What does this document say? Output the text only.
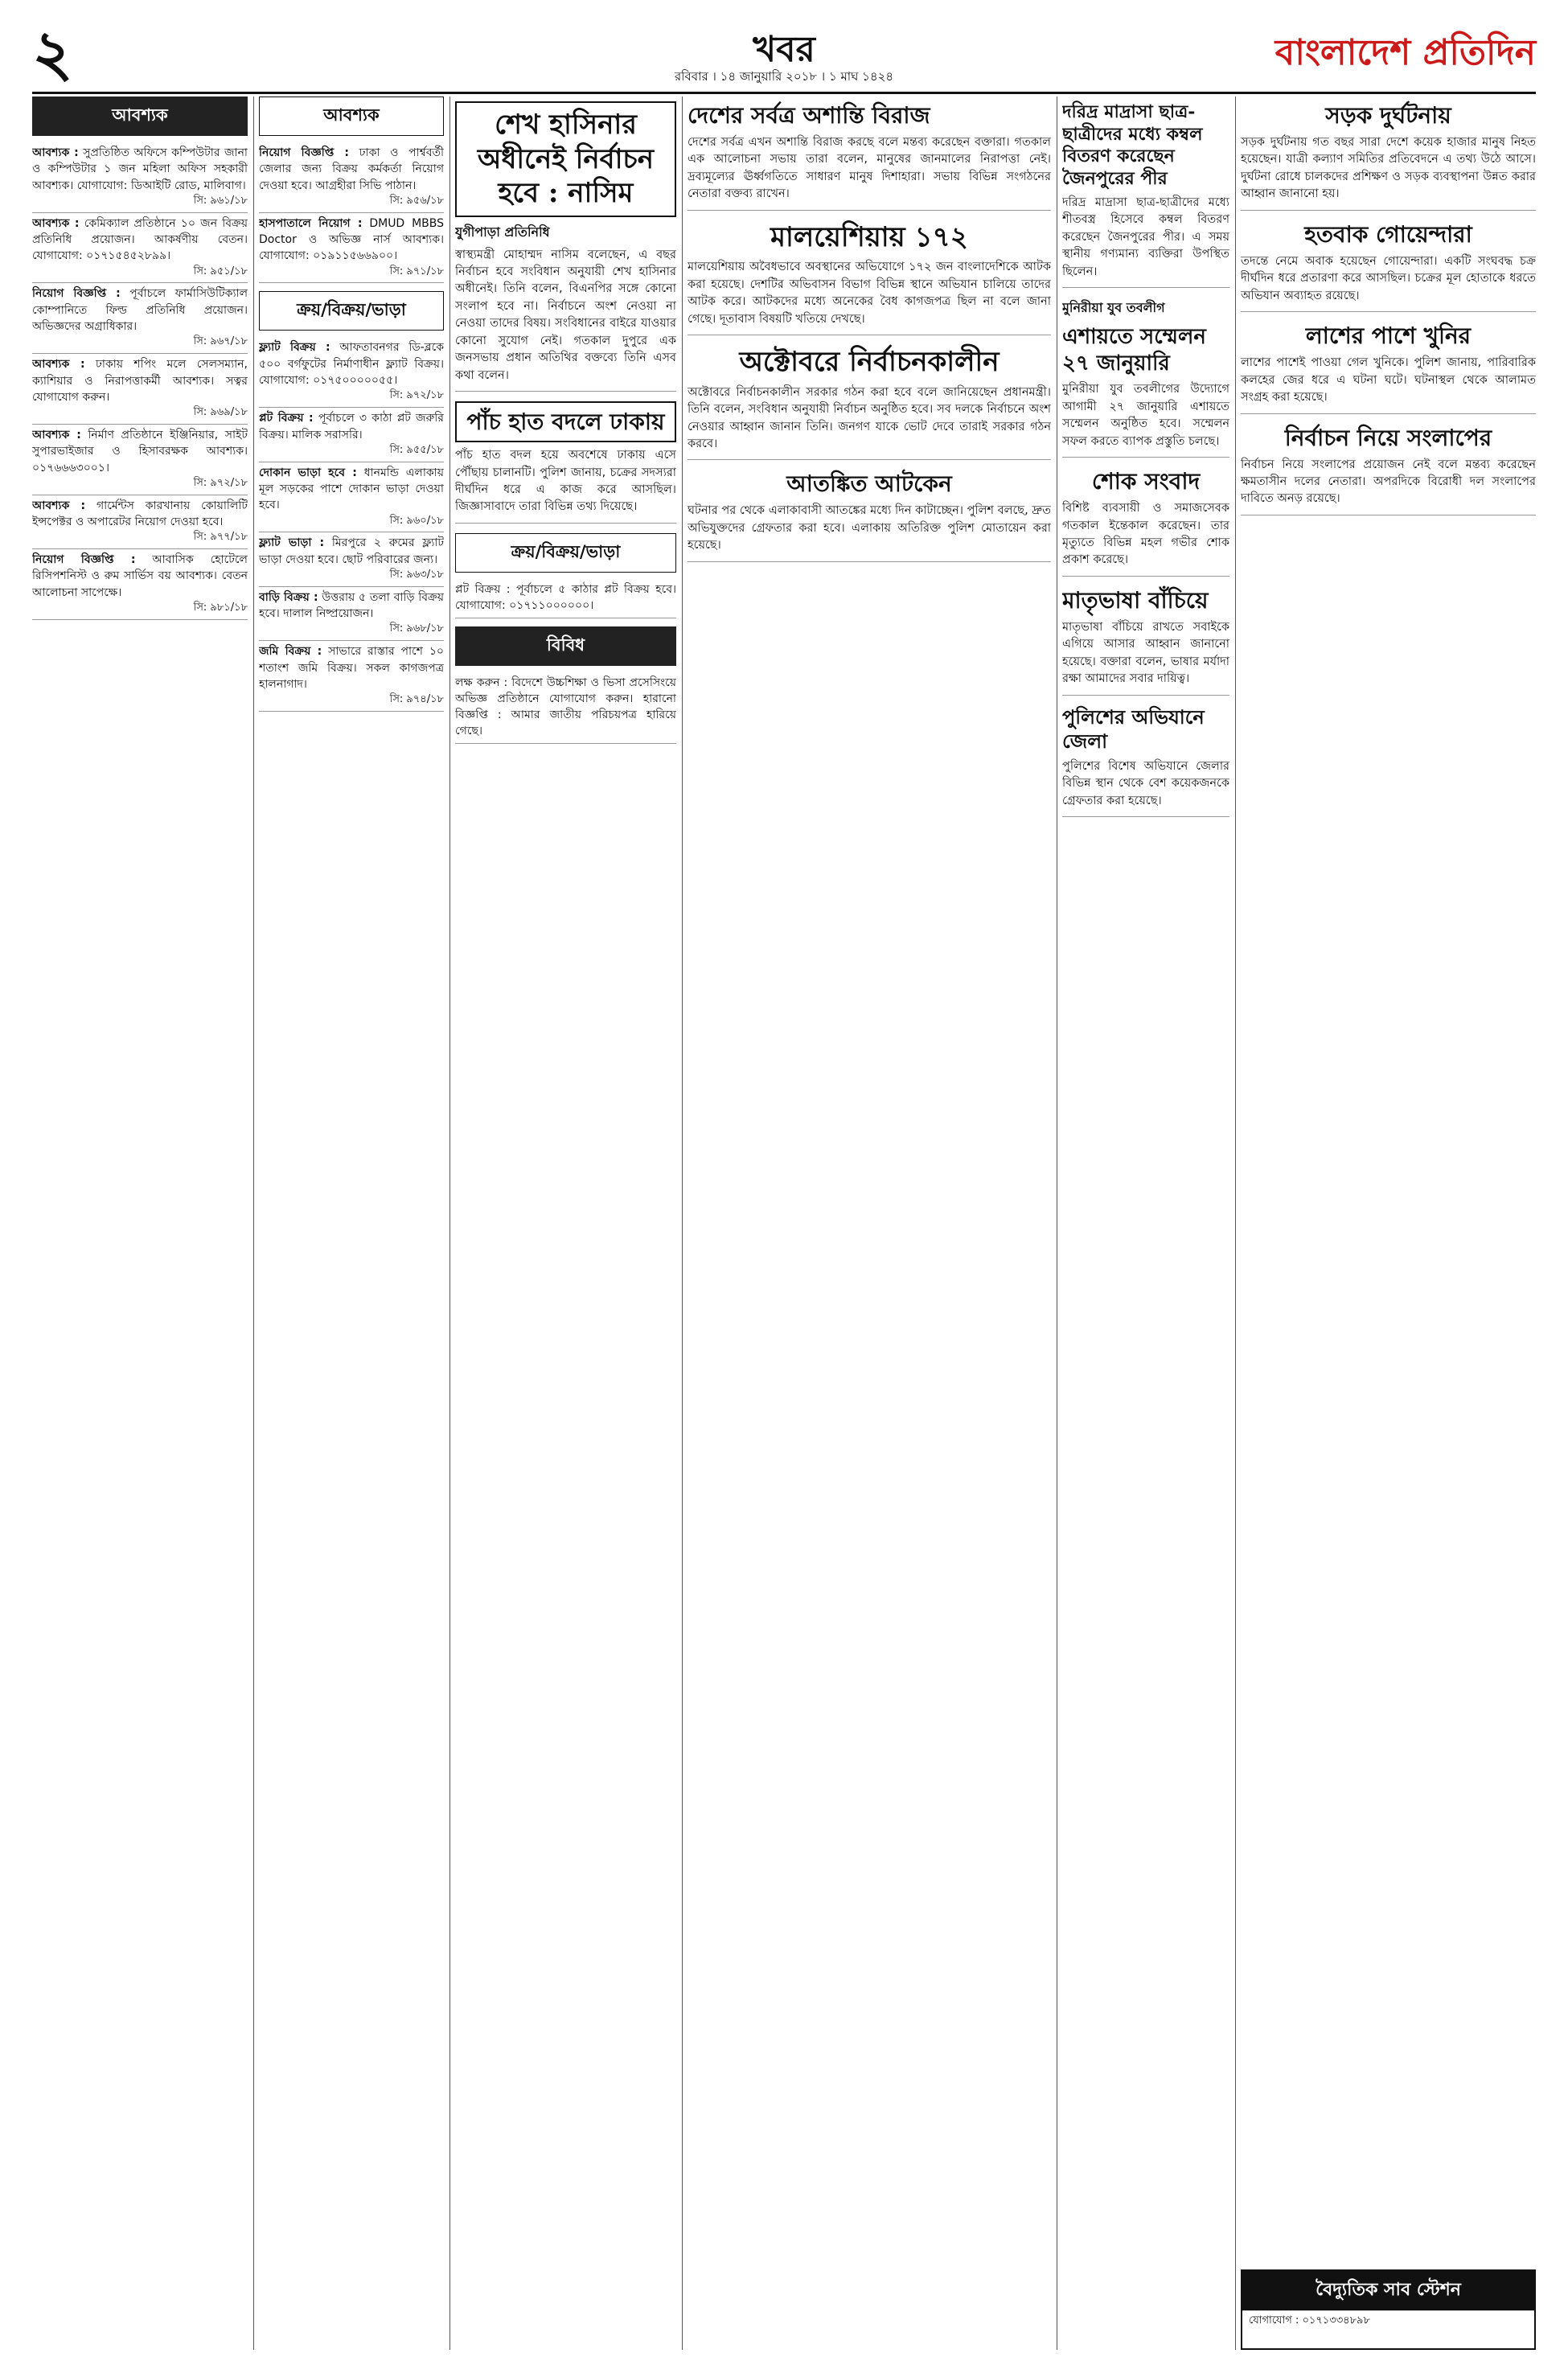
২	খবর
রবিবার । ১৪ জানুয়ারি ২০১৮ । ১ মাঘ ১৪২৪
বাংলাদেশ প্রতিদিন
আবশ্যক
আবশ্যক : সুপ্রতিষ্ঠিত অফিসে কম্পিউটার জানা ও কম্পিউটার ১ জন মহিলা অফিস সহকারী আবশ্যক। যোগাযোগ: ডিআইটি রোড, মালিবাগ।
সি: ৯৬১/১৮
আবশ্যক : কেমিক্যাল প্রতিষ্ঠানে ১০ জন বিক্রয় প্রতিনিধি প্রয়োজন। আকর্ষণীয় বেতন। যোগাযোগ: ০১৭১৫৪৫২৮৯৯।
সি: ৯৫১/১৮
নিয়োগ বিজ্ঞপ্তি : পূর্বাচলে ফার্মাসিউটিক্যাল কোম্পানিতে ফিল্ড প্রতিনিধি প্রয়োজন। অভিজ্ঞদের অগ্রাধিকার।
সি: ৯৬৭/১৮
আবশ্যক : ঢাকায় শপিং মলে সেলসম্যান, ক্যাশিয়ার ও নিরাপত্তাকর্মী আবশ্যক। সত্বর যোগাযোগ করুন।
সি: ৯৬৯/১৮
আবশ্যক : নির্মাণ প্রতিষ্ঠানে ইঞ্জিনিয়ার, সাইট সুপারভাইজার ও হিসাবরক্ষক আবশ্যক। ০১৭৬৬৬৩০০১।
সি: ৯৭২/১৮
আবশ্যক : গার্মেন্টস কারখানায় কোয়ালিটি ইন্সপেক্টর ও অপারেটর নিয়োগ দেওয়া হবে।
সি: ৯৭৭/১৮
নিয়োগ বিজ্ঞপ্তি : আবাসিক হোটেলে রিসিপশনিস্ট ও রুম সার্ভিস বয় আবশ্যক। বেতন আলোচনা সাপেক্ষে।
সি: ৯৮১/১৮
আবশ্যক
নিয়োগ বিজ্ঞপ্তি : ঢাকা ও পার্শ্ববর্তী জেলার জন্য বিক্রয় কর্মকর্তা নিয়োগ দেওয়া হবে। আগ্রহীরা সিভি পাঠান।
সি: ৯৫৬/১৮
হাসপাতালে নিয়োগ : DMUD MBBS Doctor ও অভিজ্ঞ নার্স আবশ্যক। যোগাযোগ: ০১৯১১৫৬৬৯০০।
সি: ৯৭১/১৮
ক্রয়/বিক্রয়/ভাড়া
ফ্ল্যাট বিক্রয় : আফতাবনগর ডি-ব্লকে ৫০০ বর্গফুটের নির্মাণাধীন ফ্ল্যাট বিক্রয়। যোগাযোগ: ০১৭৫০০০০০৫৫।
সি: ৯৭২/১৮
প্লট বিক্রয় : পূর্বাচলে ৩ কাঠা প্লট জরুরি বিক্রয়। মালিক সরাসরি।
সি: ৯৫৫/১৮
দোকান ভাড়া হবে : ধানমন্ডি এলাকায় মূল সড়কের পাশে দোকান ভাড়া দেওয়া হবে।
সি: ৯৬০/১৮
ফ্ল্যাট ভাড়া : মিরপুরে ২ রুমের ফ্ল্যাট ভাড়া দেওয়া হবে। ছোট পরিবারের জন্য।
সি: ৯৬৩/১৮
বাড়ি বিক্রয় : উত্তরায় ৫ তলা বাড়ি বিক্রয় হবে। দালাল নিষ্প্রয়োজন।
সি: ৯৬৮/১৮
জমি বিক্রয় : সাভারে রাস্তার পাশে ১০ শতাংশ জমি বিক্রয়। সকল কাগজপত্র হালনাগাদ।
সি: ৯৭৪/১৮
শেখ হাসিনার অধীনেই নির্বাচন হবে : নাসিম
যুগীপাড়া প্রতিনিধি
স্বাস্থ্যমন্ত্রী মোহাম্মদ নাসিম বলেছেন, এ বছর নির্বাচন হবে সংবিধান অনুযায়ী শেখ হাসিনার অধীনেই। তিনি বলেন, বিএনপির সঙ্গে কোনো সংলাপ হবে না। নির্বাচনে অংশ নেওয়া না নেওয়া তাদের বিষয়। সংবিধানের বাইরে যাওয়ার কোনো সুযোগ নেই। গতকাল দুপুরে এক জনসভায় প্রধান অতিথির বক্তব্যে তিনি এসব কথা বলেন।
পাঁচ হাত বদলে ঢাকায়
পাঁচ হাত বদল হয়ে অবশেষে ঢাকায় এসে পৌঁছায় চালানটি। পুলিশ জানায়, চক্রের সদস্যরা দীর্ঘদিন ধরে এ কাজ করে আসছিল। জিজ্ঞাসাবাদে তারা বিভিন্ন তথ্য দিয়েছে।
ক্রয়/বিক্রয়/ভাড়া
প্লট বিক্রয় : পূর্বাচলে ৫ কাঠার প্লট বিক্রয় হবে। যোগাযোগ: ০১৭১১০০০০০০।
বিবিধ
লক্ষ করুন : বিদেশে উচ্চশিক্ষা ও ভিসা প্রসেসিংয়ে অভিজ্ঞ প্রতিষ্ঠানে যোগাযোগ করুন। হারানো বিজ্ঞপ্তি : আমার জাতীয় পরিচয়পত্র হারিয়ে গেছে।
দেশের সর্বত্র অশান্তি বিরাজ
দেশের সর্বত্র এখন অশান্তি বিরাজ করছে বলে মন্তব্য করেছেন বক্তারা। গতকাল এক আলোচনা সভায় তারা বলেন, মানুষের জানমালের নিরাপত্তা নেই। দ্রব্যমূল্যের ঊর্ধ্বগতিতে সাধারণ মানুষ দিশাহারা। সভায় বিভিন্ন সংগঠনের নেতারা বক্তব্য রাখেন।
মালয়েশিয়ায় ১৭২
মালয়েশিয়ায় অবৈধভাবে অবস্থানের অভিযোগে ১৭২ জন বাংলাদেশিকে আটক করা হয়েছে। দেশটির অভিবাসন বিভাগ বিভিন্ন স্থানে অভিযান চালিয়ে তাদের আটক করে। আটকদের মধ্যে অনেকের বৈধ কাগজপত্র ছিল না বলে জানা গেছে। দূতাবাস বিষয়টি খতিয়ে দেখছে।
অক্টোবরে নির্বাচনকালীন
অক্টোবরে নির্বাচনকালীন সরকার গঠন করা হবে বলে জানিয়েছেন প্রধানমন্ত্রী। তিনি বলেন, সংবিধান অনুযায়ী নির্বাচন অনুষ্ঠিত হবে। সব দলকে নির্বাচনে অংশ নেওয়ার আহ্বান জানান তিনি। জনগণ যাকে ভোট দেবে তারাই সরকার গঠন করবে।
আতঙ্কিত আটকেন
ঘটনার পর থেকে এলাকাবাসী আতঙ্কের মধ্যে দিন কাটাচ্ছেন। পুলিশ বলছে, দ্রুত অভিযুক্তদের গ্রেফতার করা হবে। এলাকায় অতিরিক্ত পুলিশ মোতায়েন করা হয়েছে।
দরিদ্র মাদ্রাসা ছাত্র-ছাত্রীদের মধ্যে কম্বল বিতরণ করেছেন জৈনপুরের পীর
দরিদ্র মাদ্রাসা ছাত্র-ছাত্রীদের মধ্যে শীতবস্ত্র হিসেবে কম্বল বিতরণ করেছেন জৈনপুরের পীর। এ সময় স্থানীয় গণ্যমান্য ব্যক্তিরা উপস্থিত ছিলেন।
মুনিরীয়া যুব তবলীগ
এশায়তে সম্মেলন ২৭ জানুয়ারি
মুনিরীয়া যুব তবলীগের উদ্যোগে আগামী ২৭ জানুয়ারি এশায়তে সম্মেলন অনুষ্ঠিত হবে। সম্মেলন সফল করতে ব্যাপক প্রস্তুতি চলছে।
শোক সংবাদ
বিশিষ্ট ব্যবসায়ী ও সমাজসেবক গতকাল ইন্তেকাল করেছেন। তার মৃত্যুতে বিভিন্ন মহল গভীর শোক প্রকাশ করেছে।
মাতৃভাষা বাঁচিয়ে
মাতৃভাষা বাঁচিয়ে রাখতে সবাইকে এগিয়ে আসার আহ্বান জানানো হয়েছে। বক্তারা বলেন, ভাষার মর্যাদা রক্ষা আমাদের সবার দায়িত্ব।
পুলিশের অভিযানে জেলা
পুলিশের বিশেষ অভিযানে জেলার বিভিন্ন স্থান থেকে বেশ কয়েকজনকে গ্রেফতার করা হয়েছে।
সড়ক দুর্ঘটনায়
সড়ক দুর্ঘটনায় গত বছর সারা দেশে কয়েক হাজার মানুষ নিহত হয়েছেন। যাত্রী কল্যাণ সমিতির প্রতিবেদনে এ তথ্য উঠে আসে। দুর্ঘটনা রোধে চালকদের প্রশিক্ষণ ও সড়ক ব্যবস্থাপনা উন্নত করার আহ্বান জানানো হয়।
হতবাক গোয়েন্দারা
তদন্তে নেমে অবাক হয়েছেন গোয়েন্দারা। একটি সংঘবদ্ধ চক্র দীর্ঘদিন ধরে প্রতারণা করে আসছিল। চক্রের মূল হোতাকে ধরতে অভিযান অব্যাহত রয়েছে।
লাশের পাশে খুনির
লাশের পাশেই পাওয়া গেল খুনিকে। পুলিশ জানায়, পারিবারিক কলহের জের ধরে এ ঘটনা ঘটে। ঘটনাস্থল থেকে আলামত সংগ্রহ করা হয়েছে।
নির্বাচন নিয়ে সংলাপের
নির্বাচন নিয়ে সংলাপের প্রয়োজন নেই বলে মন্তব্য করেছেন ক্ষমতাসীন দলের নেতারা। অপরদিকে বিরোধী দল সংলাপের দাবিতে অনড় রয়েছে।
বৈদ্যুতিক সাব স্টেশন
যোগাযোগ : ০১৭১৩৩৪৮৯৮
